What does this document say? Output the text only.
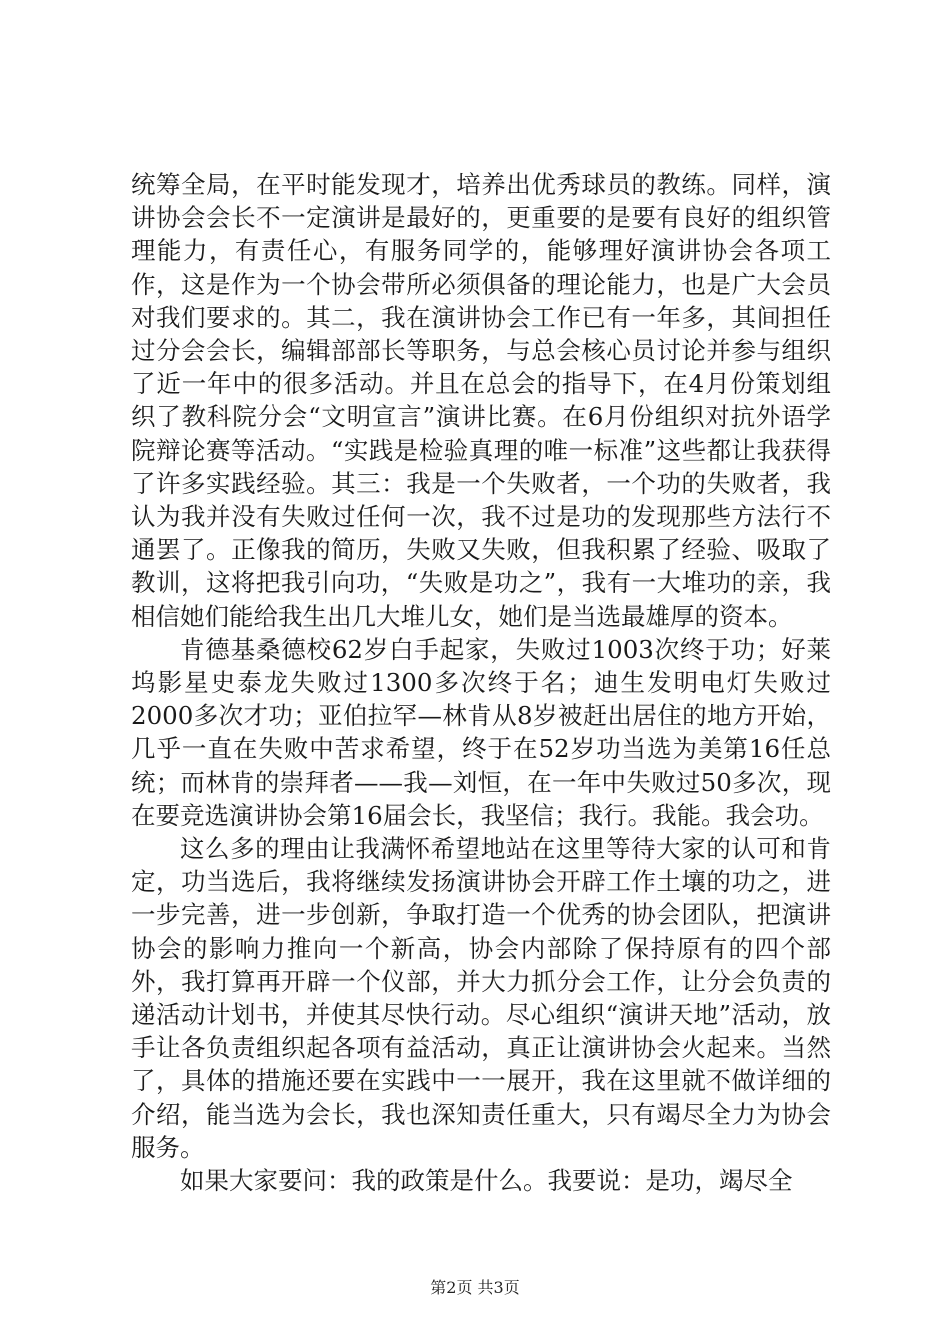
统筹全局，在平时能发现才，培养出优秀球员的教练。同样，演讲协会会长不一定演讲是最好的，更重要的是要有良好的组织管理能力，有责任心，有服务同学的，能够理好演讲协会各项工作，这是作为一个协会带所必须俱备的理论能力，也是广大会员对我们要求的。其二，我在演讲协会工作已有一年多，其间担任过分会会长，编辑部部长等职务，与总会核心员讨论并参与组织了近一年中的很多活动。并且在总会的指导下，在4月份策划组织了教科院分会“文明宣言”演讲比赛。在6月份组织对抗外语学院辩论赛等活动。“实践是检验真理的唯一标准”这些都让我获得了许多实践经验。其三：我是一个失败者，一个功的失败者，我认为我并没有失败过任何一次，我不过是功的发现那些方法行不通罢了。正像我的简历，失败又失败，但我积累了经验、吸取了教训，这将把我引向功，“失败是功之”，我有一大堆功的亲，我相信她们能给我生出几大堆儿女，她们是当选最雄厚的资本。

肯德基桑德校62岁白手起家，失败过1003次终于功；好莱坞影星史泰龙失败过1300多次终于名；迪生发明电灯失败过2000多次才功；亚伯拉罕—林肯从8岁被赶出居住的地方开始，几乎一直在失败中苦求希望，终于在52岁功当选为美第16任总统；而林肯的崇拜者——我—刘恒，在一年中失败过50多次，现在要竞选演讲协会第16届会长，我坚信；我行。我能。我会功。

这么多的理由让我满怀希望地站在这里等待大家的认可和肯定，功当选后，我将继续发扬演讲协会开辟工作土壤的功之，进一步完善，进一步创新，争取打造一个优秀的协会团队，把演讲协会的影响力推向一个新高，协会内部除了保持原有的四个部外，我打算再开辟一个仪部，并大力抓分会工作，让分会负责的递活动计划书，并使其尽快行动。尽心组织“演讲天地”活动，放手让各负责组织起各项有益活动，真正让演讲协会火起来。当然了，具体的措施还要在实践中一一展开，我在这里就不做详细的介绍，能当选为会长，我也深知责任重大，只有竭尽全力为协会服务。

如果大家要问：我的政策是什么。我要说：是功，竭尽全

第2页 共3页
